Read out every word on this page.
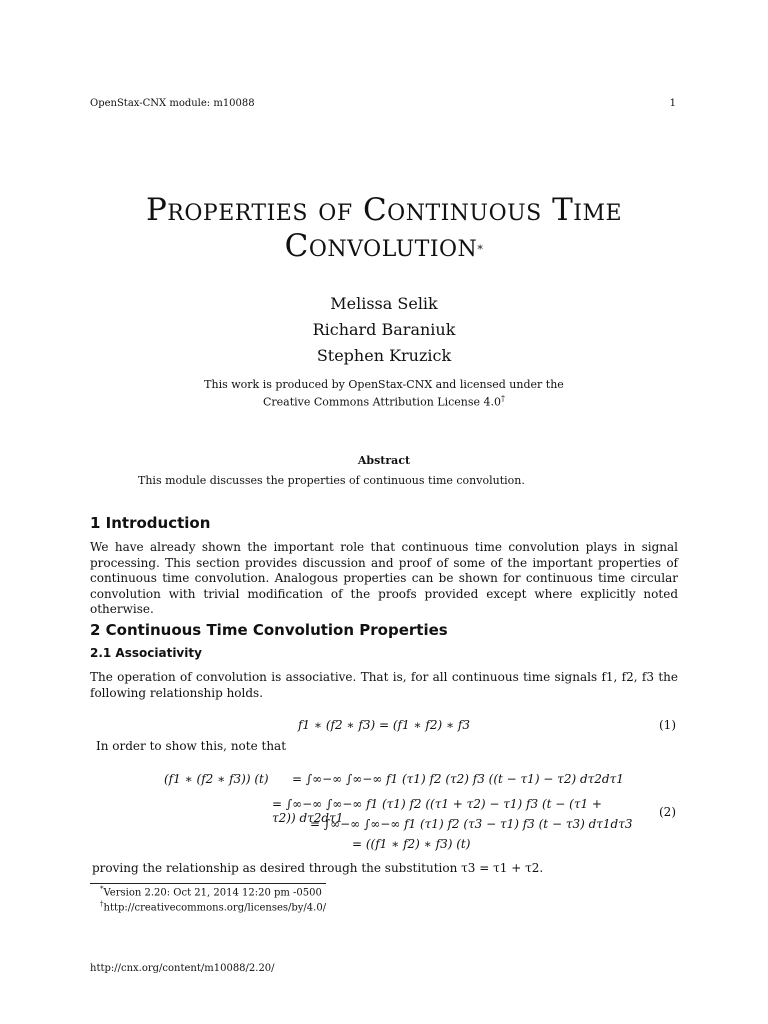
OpenStax-CNX module: m10088	1
Properties of Continuous Time
Convolution*
Melissa Selik
Richard Baraniuk
Stephen Kruzick
This work is produced by OpenStax-CNX and licensed under the
Creative Commons Attribution License 4.0†
Abstract
This module discusses the properties of continuous time convolution.
1 Introduction
We have already shown the important role that continuous time convolution plays in signal processing. This section provides discussion and proof of some of the important properties of continuous time convolution. Analogous properties can be shown for continuous time circular convolution with trivial modification of the proofs provided except where explicitly noted otherwise.
2 Continuous Time Convolution Properties
2.1 Associativity
The operation of convolution is associative. That is, for all continuous time signals f1, f2, f3 the following relationship holds.
f1 ∗ (f2 ∗ f3) = (f1 ∗ f2) ∗ f3	(1)
In order to show this, note that
(f1 ∗ (f2 ∗ f3)) (t) = ∫∞−∞ ∫∞−∞ f1 (τ1) f2 (τ2) f3 ((t − τ1) − τ2) dτ2dτ1
= ∫∞−∞ ∫∞−∞ f1 (τ1) f2 ((τ1 + τ2) − τ1) f3 (t − (τ1 + τ2)) dτ2dτ1
= ∫∞−∞ ∫∞−∞ f1 (τ1) f2 (τ3 − τ1) f3 (t − τ3) dτ1dτ3
= ((f1 ∗ f2) ∗ f3) (t)
(2)
proving the relationship as desired through the substitution τ3 = τ1 + τ2.
*Version 2.20: Oct 21, 2014 12:20 pm -0500
†http://creativecommons.org/licenses/by/4.0/
http://cnx.org/content/m10088/2.20/
